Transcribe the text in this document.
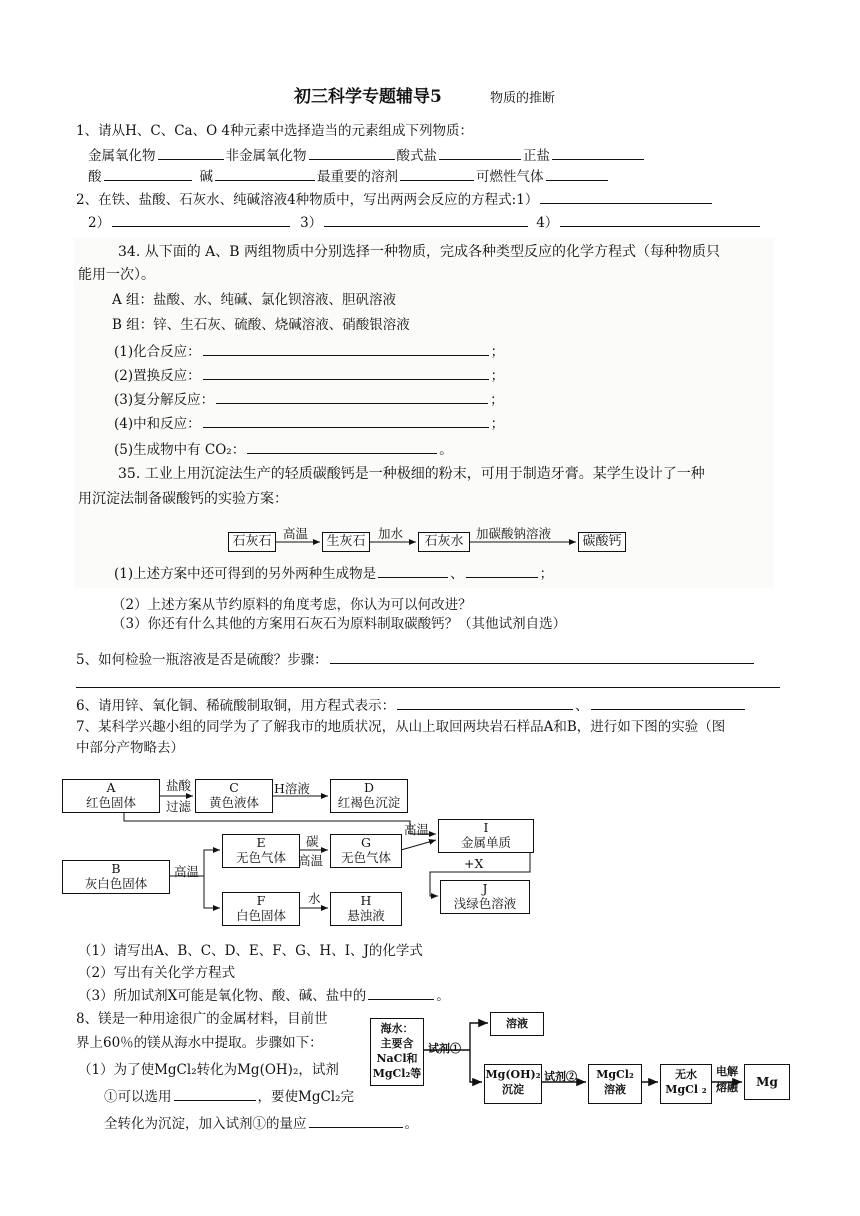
初三科学专题辅导5	物质的推断
1、请从H、C、Ca、O 4种元素中选择造当的元素组成下列物质：
金属氧化物	非金属氧化物	酸式盐	正盐
酸	碱	最重要的溶剂	可燃性气体
2、在铁、盐酸、石灰水、纯碱溶液4种物质中，写出两两会反应的方程式:1）
2）	3）	4）
34. 从下面的 A、B 两组物质中分别选择一种物质，完成各种类型反应的化学方程式（每种物质只
能用一次）。
A 组：盐酸、水、纯碱、氯化钡溶液、胆矾溶液
B 组：锌、生石灰、硫酸、烧碱溶液、硝酸银溶液
(1)化合反应：	；
(2)置换反应：	；
(3)复分解反应：	；
(4)中和反应：	；
(5)生成物中有 CO₂：	。
35. 工业上用沉淀法生产的轻质碳酸钙是一种极细的粉末，可用于制造牙膏。某学生设计了一种
用沉淀法制备碳酸钙的实验方案：
石灰石	生灰石	石灰水	碳酸钙
高温	加水	加碳酸钠溶液
(1)上述方案中还可得到的另外两种生成物是	、	；
（2）上述方案从节约原料的角度考虑，你认为可以何改进？
（3）你还有什么其他的方案用石灰石为原料制取碳酸钙？（其他试剂自选）
5、如何检验一瓶溶液是否是硫酸？步骤：
6、请用锌、氧化铜、稀硫酸制取铜，用方程式表示：	、
7、某科学兴趣小组的同学为了了解我市的地质状况，从山上取回两块岩石样品A和B，进行如下图的实验（图
中部分产物略去）
A
红色固体
C
黄色液体
D
红褐色沉淀
E
无色气体
G
无色气体
I
金属单质
B
灰白色固体
F
白色固体
H
悬浊液
J
浅绿色溶液
盐酸
过滤
H溶液
碳
高温
高温
高温
水
+X
（1）请写出A、B、C、D、E、F、G、H、I、J的化学式
（2）写出有关化学方程式
（3）所加试剂X可能是氧化物、酸、碱、盐中的	。
8、镁是一种用途很广的金属材料，目前世
界上60％的镁从海水中提取。步骤如下：
（1）为了使MgCl₂转化为Mg(OH)₂，试剂
①可以选用	，要使MgCl₂完
全转化为沉淀，加入试剂①的量应	。
海水：
主要含
NaCl和
MgCl₂等
试剂①
溶液
Mg(OH)₂
沉淀
试剂②	MgCl₂
溶液
无水
MgCl ₂
电解
熔融	Mg
